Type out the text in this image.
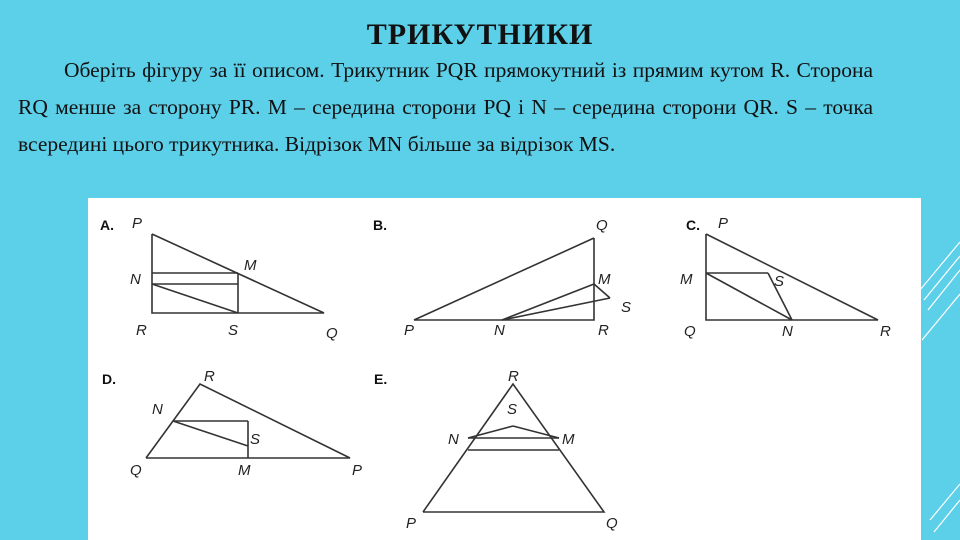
ТРИКУТНИКИ
Оберіть фігуру за її описом. Трикутник PQR прямокутний із прямим кутом R. Сторона RQ менше за сторону PR. M – середина сторони PQ і N – середина сторони QR. S – точка всередині цього трикутника. Відрізок MN більше за відрізок MS.
A. P
M
N
R	S	Q
B.	Q
M
S
P	N	R
C. P
M	S
Q	N	R
D.	R
N
S
Q	M	P
E.	R
S
N	M
P	Q
